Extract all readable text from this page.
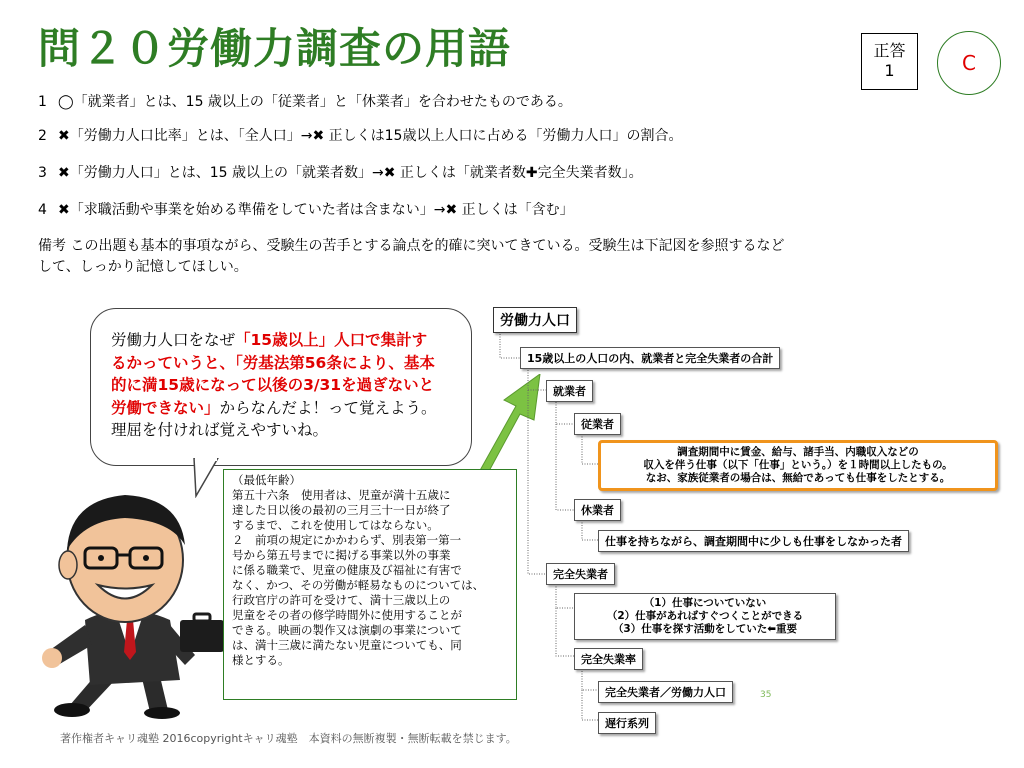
問２０労働力調査の用語	正答
1	C
1 ◯「就業者」とは、15 歳以上の「従業者」と「休業者」を合わせたものである。
2 ✖「労働力人口比率」とは、「全人口」→✖ 正しくは15歳以上人口に占める「労働力人口」の割合。
3 ✖「労働力人口」とは、15 歳以上の「就業者数」→✖ 正しくは「就業者数✚完全失業者数」。
4 ✖「求職活動や事業を始める準備をしていた者は含まない」→✖ 正しくは「含む」
備考 この出題も基本的事項ながら、受験生の苦手とする論点を的確に突いてきている。受験生は下記図を参照するなど
して、しっかり記憶してほしい。
労働力人口をなぜ「15歳以上」人口で集計す
るかっていうと、「労基法第56条により、基本
的に満15歳になって以後の3/31を過ぎないと
労働できない」からなんだよ！って覚えよう。
理屈を付ければ覚えやすいね。
（最低年齢）
第五十六条　使用者は、児童が満十五歳に
達した日以後の最初の三月三十一日が終了
するまで、これを使用してはならない。
２　前項の規定にかかわらず、別表第一第一
号から第五号までに掲げる事業以外の事業
に係る職業で、児童の健康及び福祉に有害で
なく、かつ、その労働が軽易なものについては、
行政官庁の許可を受けて、満十三歳以上の
児童をその者の修学時間外に使用することが
できる。映画の製作又は演劇の事業について
は、満十三歳に満たない児童についても、同
様とする。
労働力人口
15歳以上の人口の内、就業者と完全失業者の合計
就業者
従業者
調査期間中に賃金、給与、諸手当、内職収入などの
収入を伴う仕事（以下「仕事」という。）を１時間以上したもの。
なお、家族従業者の場合は、無給であっても仕事をしたとする。
休業者
仕事を持ちながら、調査期間中に少しも仕事をしなかった者
完全失業者
（1）仕事についていない
（2）仕事があればすぐつくことができる
（3）仕事を探す活動をしていた⬅重要
完全失業率
完全失業者／労働力人口
遅行系列
35
著作権者キャリ魂塾 2016copyrightキャリ魂塾　本資料の無断複製・無断転載を禁じます。
